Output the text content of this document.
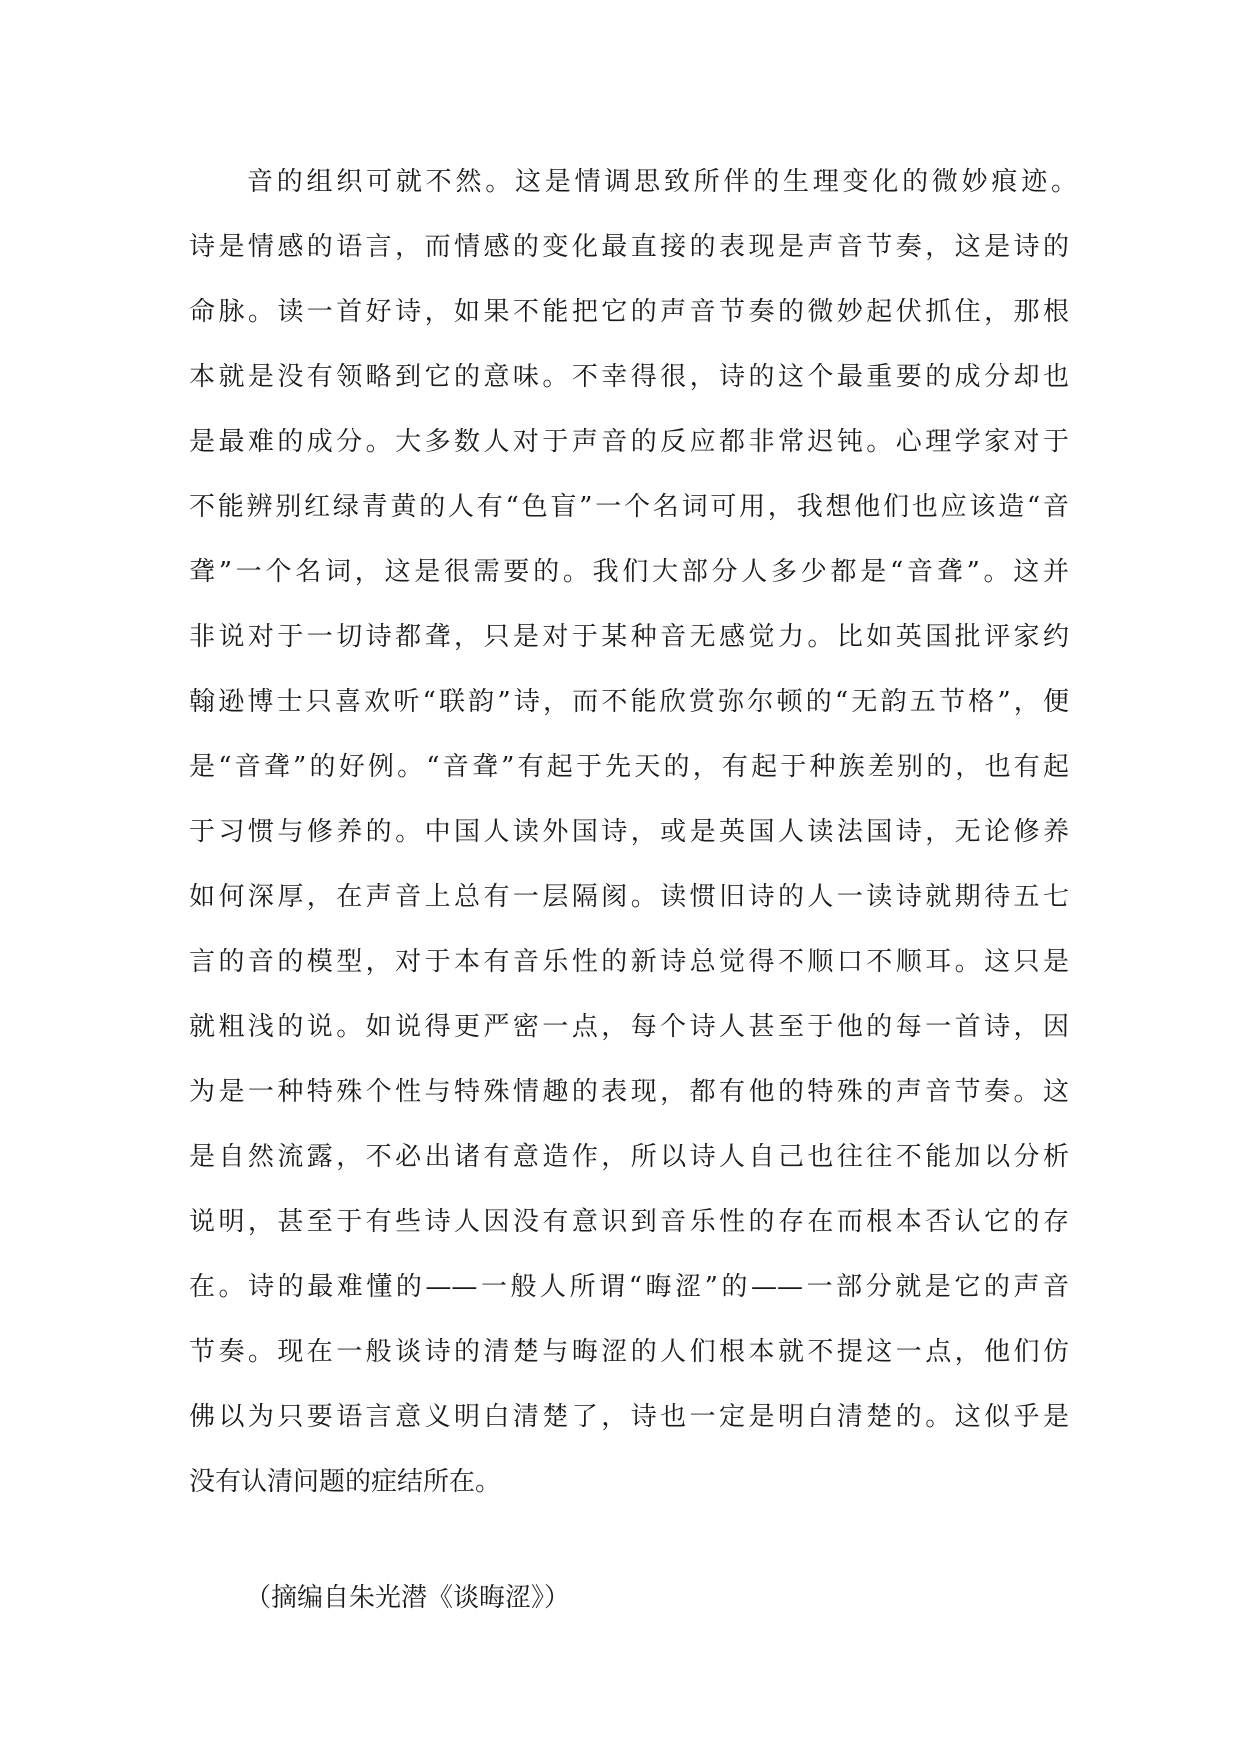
音的组织可就不然。这是情调思致所伴的生理变化的微妙痕迹。
诗是情感的语言，而情感的变化最直接的表现是声音节奏，这是诗的
命脉。读一首好诗，如果不能把它的声音节奏的微妙起伏抓住，那根
本就是没有领略到它的意味。不幸得很，诗的这个最重要的成分却也
是最难的成分。大多数人对于声音的反应都非常迟钝。心理学家对于
不能辨别红绿青黄的人有“色盲”一个名词可用，我想他们也应该造“音
聋”一个名词，这是很需要的。我们大部分人多少都是“音聋”。这并
非说对于一切诗都聋，只是对于某种音无感觉力。比如英国批评家约
翰逊博士只喜欢听“联韵”诗，而不能欣赏弥尔顿的“无韵五节格”，便
是“音聋”的好例。“音聋”有起于先天的，有起于种族差别的，也有起
于习惯与修养的。中国人读外国诗，或是英国人读法国诗，无论修养
如何深厚，在声音上总有一层隔阂。读惯旧诗的人一读诗就期待五七
言的音的模型，对于本有音乐性的新诗总觉得不顺口不顺耳。这只是
就粗浅的说。如说得更严密一点，每个诗人甚至于他的每一首诗，因
为是一种特殊个性与特殊情趣的表现，都有他的特殊的声音节奏。这
是自然流露，不必出诸有意造作，所以诗人自己也往往不能加以分析
说明，甚至于有些诗人因没有意识到音乐性的存在而根本否认它的存
在。诗的最难懂的——一般人所谓“晦涩”的——一部分就是它的声音
节奏。现在一般谈诗的清楚与晦涩的人们根本就不提这一点，他们仿
佛以为只要语言意义明白清楚了，诗也一定是明白清楚的。这似乎是
没有认清问题的症结所在。
（摘编自朱光潜《谈晦涩》）
